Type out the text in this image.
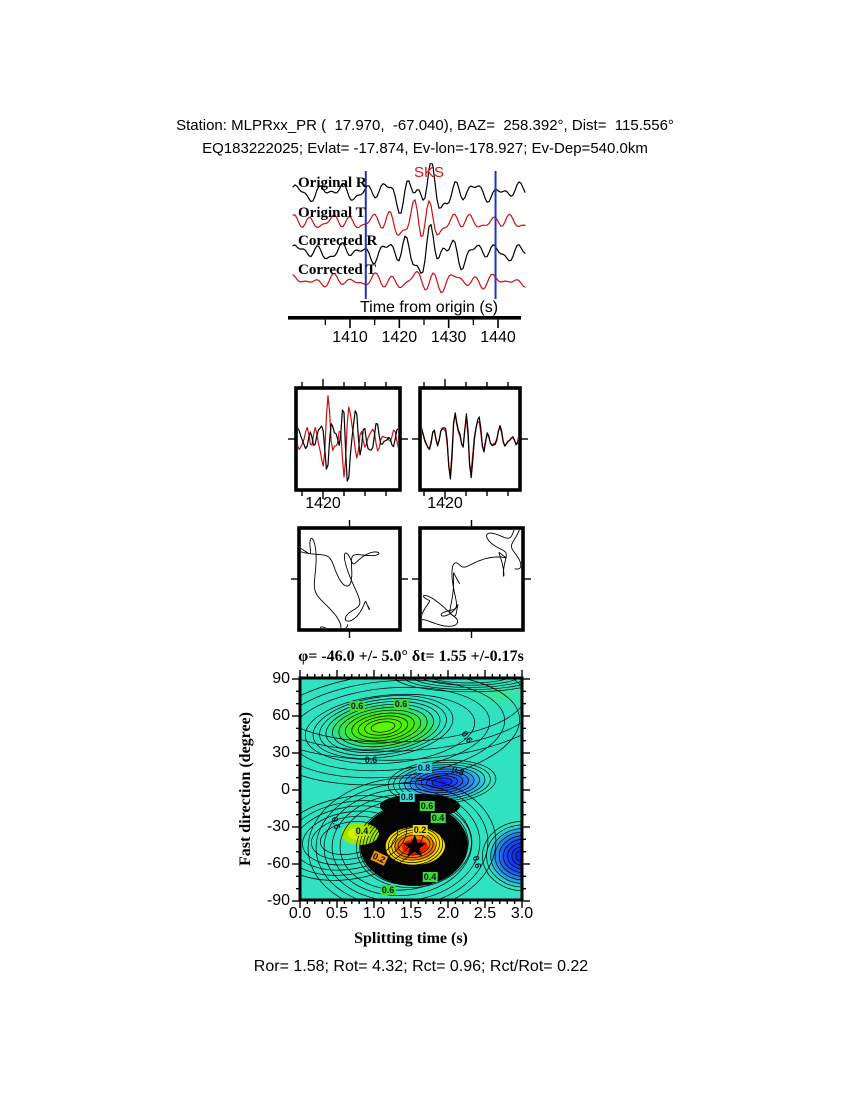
Station: MLPRxx_PR (  17.970,  -67.040), BAZ=  258.392°, Dist=  115.556°
EQ183222025; Evlat= -17.874, Ev-lon=-178.927; Ev-Dep=540.0km
Original R
Original T
Corrected R
Corrected T
SKS
Time from origin (s)
1420	1420
φ= -46.0 +/- 5.0° δt= 1.55 +/-0.17s
Fast direction (degree)
Splitting time (s)
Ror= 1.58; Rot= 4.32; Rct= 0.96; Rct/Rot= 0.22
1410 1420 1430 1440
90
60
30
0
-30
-60
-90
0.0 0.5 1.0 1.5 2.0 2.5 3.0
0.6	0.6
0.6
0.8 0.8
0.6
0.8
0.6
0.4
0.2
0.6
0.4
0.2
0.4
0.6
0.6
